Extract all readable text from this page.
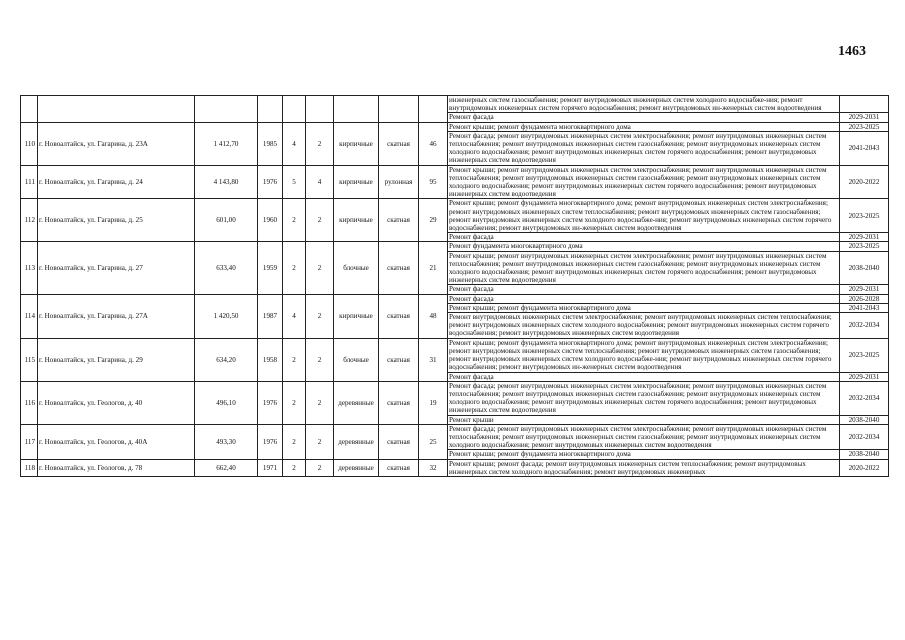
1463
									инженерных систем газоснабжения; ремонт внутридомовых инженерных систем холодного водоснабже-ния; ремонт внутридомовых инженерных систем горячего водоснабжения; ремонт внутридомовых ин-женерных систем водоотведения	
									Ремонт фасада	2029-2031
110	г. Новоалтайск, ул. Гагарина, д. 23А	1 412,70	1985	4	2	кирпичные	скатная	46	Ремонт крыши; ремонт фундамента многоквартирного дома	2023-2025
									Ремонт фасада; ремонт внутридомовых инженерных систем электроснабжения; ремонт внутридомовых инженерных систем теплоснабжения; ремонт внутридомовых инженерных систем газоснабжения; ремонт внутридомовых инженерных систем холодного водоснабжения; ремонт внутридомовых инженерных систем горячего водоснабжения; ремонт внутридомовых инженерных систем водоотведения	2041-2043
111	г. Новоалтайск, ул. Гагарина, д. 24	4 143,80	1976	5	4	кирпичные	рулонная	95	Ремонт крыши; ремонт внутридомовых инженерных систем электроснабжения; ремонт внутридомовых инженерных систем теплоснабжения; ремонт внутридомовых инженерных систем газоснабжения; ремонт внутридомовых инженерных систем холодного водоснабжения; ремонт внутридомовых инженерных систем горячего водоснабжения; ремонт внутридомовых инженерных систем водоотведения	2020-2022
112	г. Новоалтайск, ул. Гагарина, д. 25	601,00	1960	2	2	кирпичные	скатная	29	Ремонт крыши; ремонт фундамента многоквартирного дома; ремонт внутридомовых инженерных систем электроснабжения; ремонт внутридомовых инженерных систем теплоснабжения; ремонт внутридомовых инженерных систем газоснабжения; ремонт внутридомовых инженерных систем холодного водоснабже-ния; ремонт внутридомовых инженерных систем горячего водоснабжения; ремонт внутридомовых ин-женерных систем водоотведения	2023-2025
									Ремонт фасада	2029-2031
113	г. Новоалтайск, ул. Гагарина, д. 27	633,40	1959	2	2	блочные	скатная	21	Ремонт фундамента многоквартирного дома	2023-2025
									Ремонт крыши; ремонт внутридомовых инженерных систем электроснабжения; ремонт внутридомовых инженерных систем теплоснабжения; ремонт внутридомовых инженерных систем газоснабжения; ремонт внутридомовых инженерных систем холодного водоснабжения; ремонт внутридомовых инженерных систем горячего водоснабжения; ремонт внутридомовых инженерных систем водоотведения	2038-2040
									Ремонт фасада	2029-2031
114	г. Новоалтайск, ул. Гагарина, д. 27А	1 420,50	1987	4	2	кирпичные	скатная	48	Ремонт фасада	2026-2028
									Ремонт крыши; ремонт фундамента многоквартирного дома	2041-2043
									Ремонт внутридомовых инженерных систем электроснабжения; ремонт внутридомовых инженерных систем теплоснабжения; ремонт внутридомовых инженерных систем холодного водоснабжения; ремонт внутридомовых инженерных систем горячего водоснабжения; ремонт внутридомовых инженерных систем водоотведения	2032-2034
115	г. Новоалтайск, ул. Гагарина, д. 29	634,20	1958	2	2	блочные	скатная	31	Ремонт крыши; ремонт фундамента многоквартирного дома; ремонт внутридомовых инженерных систем электроснабжения; ремонт внутридомовых инженерных систем теплоснабжения; ремонт внутридомовых инженерных систем газоснабжения; ремонт внутридомовых инженерных систем холодного водоснабже-ния; ремонт внутридомовых инженерных систем горячего водоснабжения; ремонт внутридомовых ин-женерных систем водоотведения	2023-2025
									Ремонт фасада	2029-2031
116	г. Новоалтайск, ул. Геологов, д. 40	496,10	1976	2	2	деревянные	скатная	19	Ремонт фасада; ремонт внутридомовых инженерных систем электроснабжения; ремонт внутридомовых инженерных систем теплоснабжения; ремонт внутридомовых инженерных систем газоснабжения; ремонт внутридомовых инженерных систем холодного водоснабжения; ремонт внутридомовых инженерных систем горячего водоснабжения; ремонт внутридомовых инженерных систем водоотведения	2032-2034
									Ремонт крыши	2038-2040
117	г. Новоалтайск, ул. Геологов, д. 40А	493,30	1976	2	2	деревянные	скатная	25	Ремонт фасада; ремонт внутридомовых инженерных систем электроснабжения; ремонт внутридомовых инженерных систем теплоснабжения; ремонт внутридомовых инженерных систем газоснабжения; ремонт внутридомовых инженерных систем холодного водоснабжения; ремонт внутридомовых инженерных систем водоотведения	2032-2034
									Ремонт крыши; ремонт фундамента многоквартирного дома	2038-2040
118	г. Новоалтайск, ул. Геологов, д. 78	662,40	1971	2	2	деревянные	скатная	32	Ремонт крыши; ремонт фасада; ремонт внутридомовых инженерных систем теплоснабжения; ремонт внутридомовых инженерных систем холодного водоснабжения; ремонт внутридомовых инженерных	2020-2022
